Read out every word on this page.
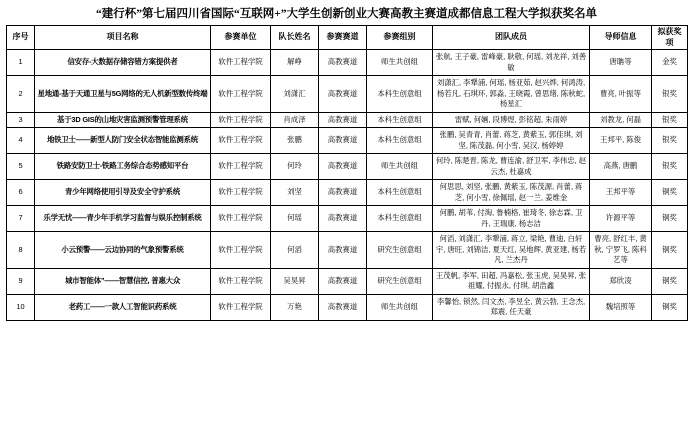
“建行杯”第七届四川省国际“互联网+”大学生创新创业大赛高教主赛道成都信息工程大学拟获奖名单
序号	项目名称	参赛单位	队长姓名	参赛赛道	参赛组别	团队成员	导师信息	拟获奖项
1	信安存-大数据存储容错方案提供者	软件工程学院	解峥	高教赛道	师生共创组	张航, 王子豪, 雷峰豪, 耿敬, 何瑶, 刘龙祥, 刘善敏	唐聃等	金奖
2	星地通-基于天通卫星与5G网络的无人机新型数传终端	软件工程学院	刘潇汇	高教赛道	本科生创意组	刘潇汇, 李犟浦, 何瑶, 杨亚茹, 赵兴烨, 何鸿涛, 杨若凡, 石琪环, 郭淼, 王晓霞, 曾思绪, 陈秋蛇, 杨星汇	曹亮, 叶振等	银奖
3	基于3D GIS的山地灾害监测预警管理系统	软件工程学院	肖成泽	高教赛道	本科生创意组	雷赋, 何婳, 段博煜, 彭铭超, 朱雨婷	刘教龙, 何磊	银奖
4	地铁卫士——新型人防门安全状态智能监测系统	软件工程学院	张鹏	高教赛道	本科生创意组	张鹏, 吴青青, 肖蕾, 蒋芝, 黄紫玉, 郭佳琪, 刘坚, 陈茂磊, 何小雪, 吴汉, 杨婷婷	王邦平, 陈俊	银奖
5	铁路安防卫士-铁路工务综合态势感知平台	软件工程学院	何玲	高教赛道	师生共创组	何玲, 陈楚晋, 陈龙, 曹连渝, 舒卫军, 李伟忠, 赵云杰, 杜嘉成	高燕, 唐鹏	银奖
6	青少年网络使用引导及安全守护系统	软件工程学院	刘坚	高教赛道	本科生创意组	何思思, 刘坚, 张鹏, 黄紫玉, 陈茂源, 肖蕾, 蒋芝, 何小雪, 徐佩瑶, 赵一兰, 姜维金	王邦平等	铜奖
7	乐学无忧——青少年手机学习监督与娱乐控制系统	软件工程学院	何瑶	高教赛道	本科生创意组	何鹏, 胡苇, 付淘, 鲁楠格, 崔琦冬, 徐志霖, 卫丹, 王瑞康, 杨志洁	许源平等	铜奖
8	小云预警——云边协同的气象预警系统	软件工程学院	何滔	高教赛道	研究生创意组	何滔, 刘潇汇, 李犟浦, 蒋立, 梁艳, 曹迪, 白轩宇, 唐旺, 刘锦洁, 夏天红, 吴地辉, 黄亚建, 杨若凡, 兰杰丹	曹亮, 舒红丰, 黄秋, 宁罗飞, 陈科艺等	铜奖
9	城市智能体”——智慧信控, 普惠大众	软件工程学院	吴昊昇	高教赛道	研究生创意组	王茂帆, 李军, 田超, 冯嘉松, 张玉虎, 吴昊昇, 张祖耀, 付振永, 付琪, 胡浩鑫	郑欣凌	铜奖
10	老药工——一款人工智能识药系统	软件工程学院	万艳	高教赛道	师生共创组	李馨怡, 锁然, 闫文杰, 李昱全, 黄云勃, 王念杰, 郑震, 任天豪	魏培照等	铜奖
